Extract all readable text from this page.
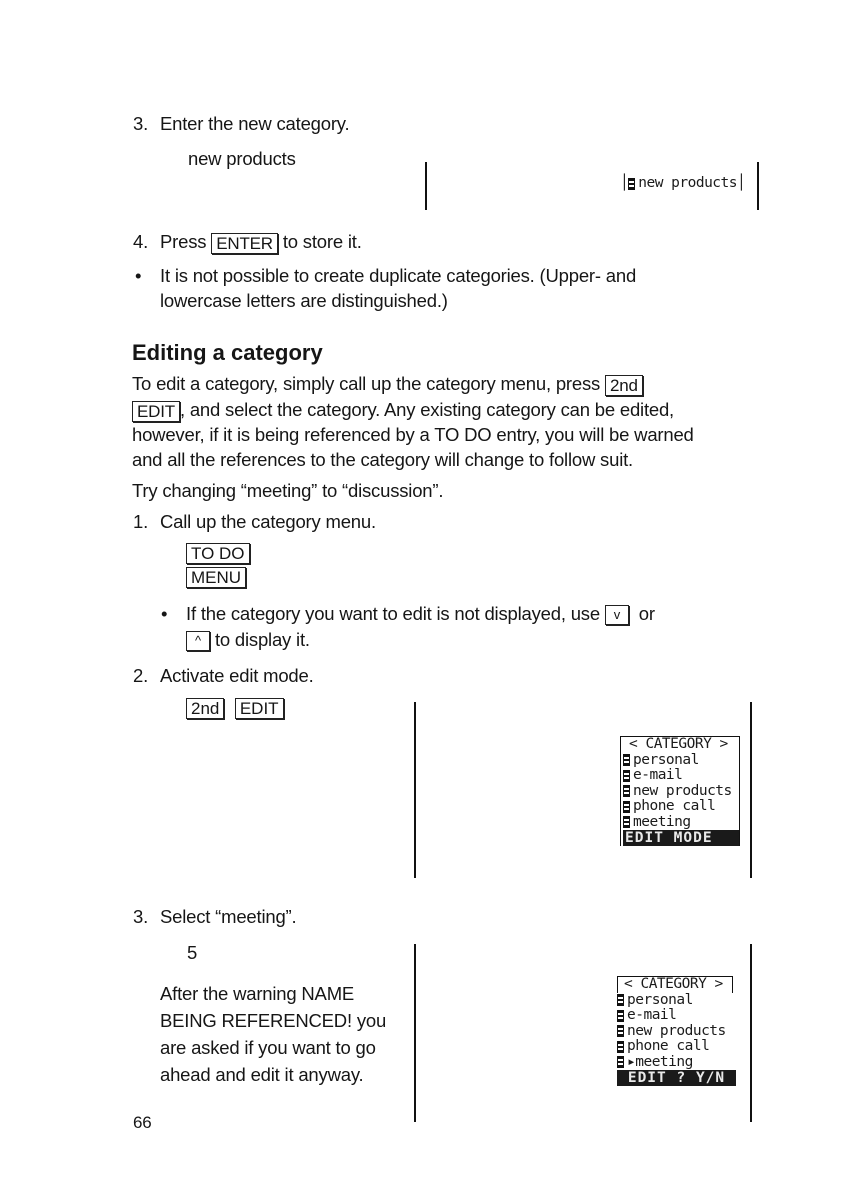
3. Enter the new category.
new products
│ new products │
4. Press ENTER to store it.
• It is not possible to create duplicate categories. (Upper- and
lowercase letters are distinguished.)
Editing a category
To edit a category, simply call up the category menu, press 2nd
EDIT , and select the category. Any existing category can be edited,
however, if it is being referenced by a TO DO entry, you will be warned
and all the references to the category will change to follow suit.
Try changing “meeting” to “discussion”.
1. Call up the category menu.
TO DO
MENU
• If the category you want to edit is not displayed, use v or
^ to display it.
2. Activate edit mode.
2nd EDIT
< CATEGORY >
personal
e-mail
new products
phone call
meeting
EDIT MODE
3. Select “meeting”.
5
After the warning NAME
BEING REFERENCED! you
are asked if you want to go
ahead and edit it anyway.
< CATEGORY >
personal
e-mail
new products
phone call
▸meeting
EDIT ? Y/N
66
